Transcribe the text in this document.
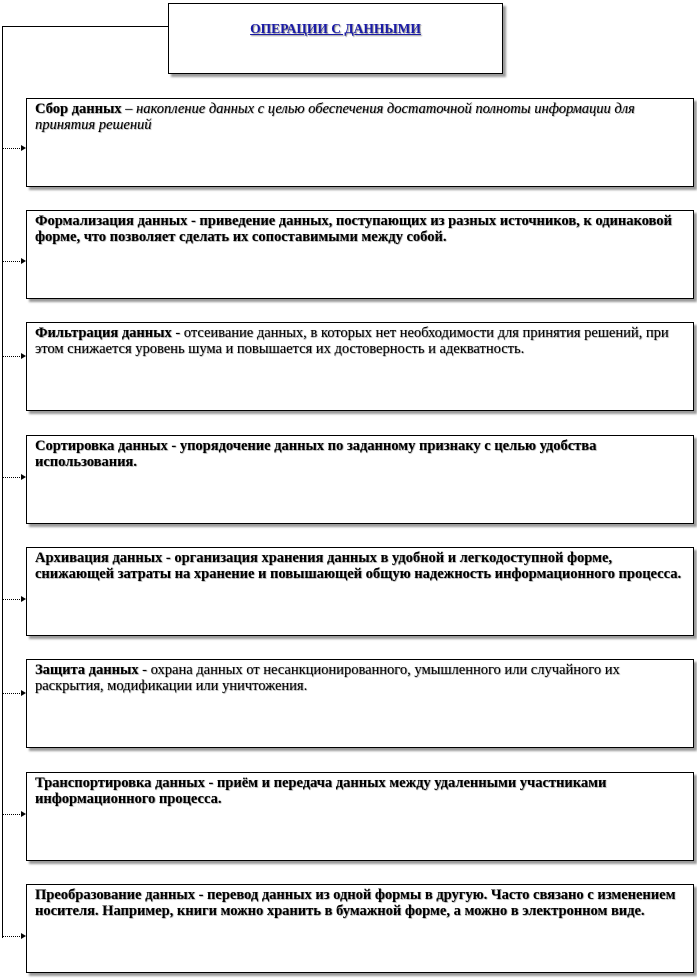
ОПЕРАЦИИ С ДАННЫМИ
Сбор данных – накопление данных с целью обеспечения достаточной полноты информации для принятия решений
Формализация данных - приведение данных, поступающих из разных источников, к одинаковой форме, что позволяет сделать их сопоставимыми между собой.
Фильтрация данных - отсеивание данных, в которых нет необходимости для принятия решений, при этом снижается уровень шума и повышается их достоверность и адекватность.
Сортировка данных - упорядочение данных по заданному признаку с целью удобства использования.
Архивация данных - организация хранения данных в удобной и легкодоступной форме, снижающей затраты на хранение и повышающей общую надежность информационного процесса.
Защита данных - охрана данных от несанкционированного, умышленного или случайного их раскрытия, модификации или уничтожения.
Транспортировка данных - приём и передача данных между удаленными участниками информационного процесса.
Преобразование данных - перевод данных из одной формы в другую. Часто связано с изменением носителя. Например, книги можно хранить в бумажной форме, а можно в электронном виде.
